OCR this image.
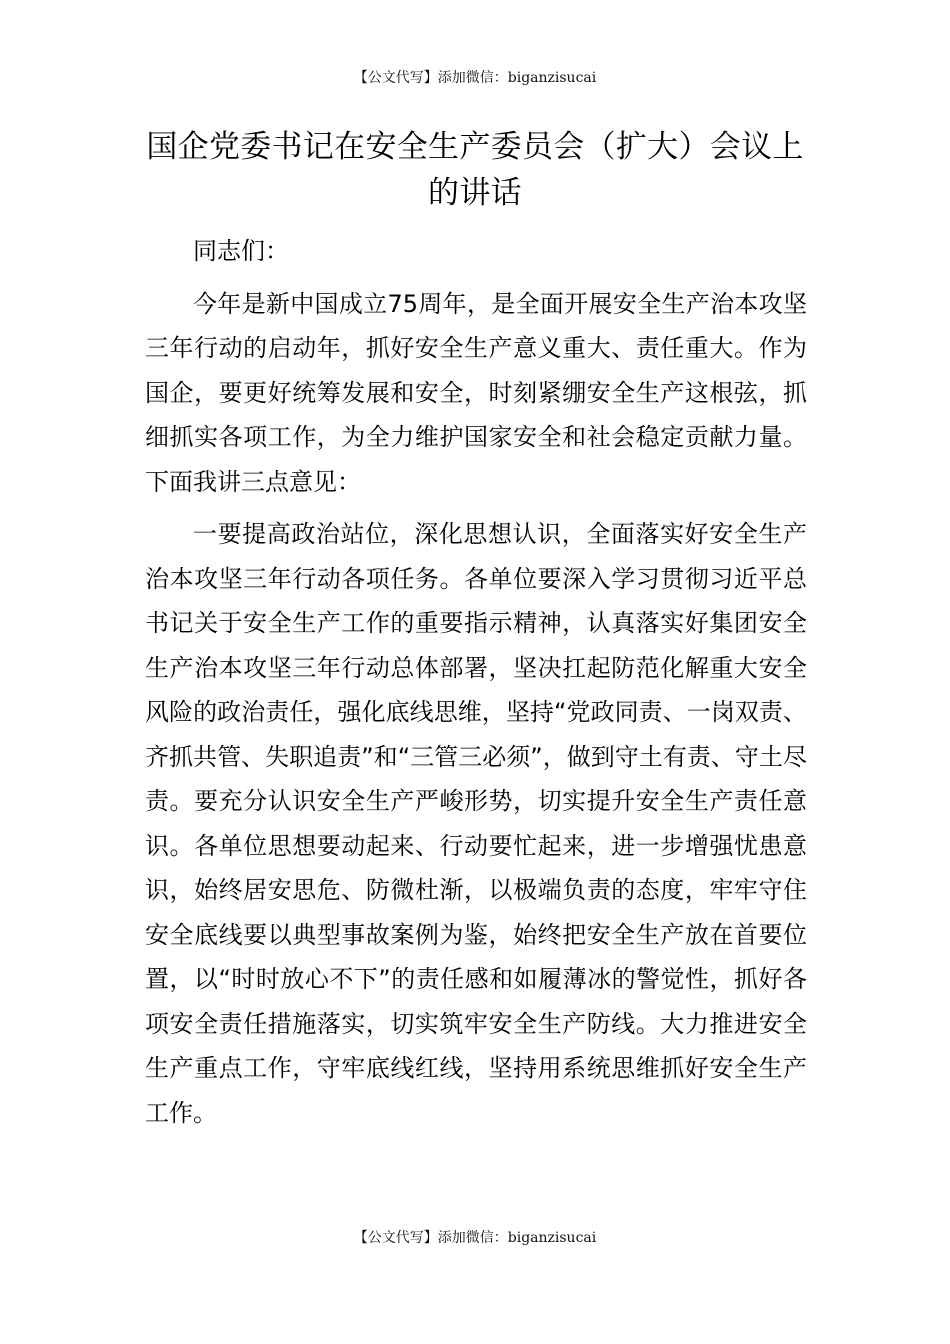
【公文代写】添加微信：biganzisucai
国企党委书记在安全生产委员会（扩大）会议上的讲话

同志们：

今年是新中国成立75周年，是全面开展安全生产治本攻坚三年行动的启动年，抓好安全生产意义重大、责任重大。作为国企，要更好统筹发展和安全，时刻紧绷安全生产这根弦，抓细抓实各项工作，为全力维护国家安全和社会稳定贡献力量。下面我讲三点意见：

一要提高政治站位，深化思想认识，全面落实好安全生产治本攻坚三年行动各项任务。各单位要深入学习贯彻习近平总书记关于安全生产工作的重要指示精神，认真落实好集团安全生产治本攻坚三年行动总体部署，坚决扛起防范化解重大安全风险的政治责任，强化底线思维，坚持“党政同责、一岗双责、齐抓共管、失职追责”和“三管三必须”，做到守土有责、守土尽责。要充分认识安全生产严峻形势，切实提升安全生产责任意识。各单位思想要动起来、行动要忙起来，进一步增强忧患意识，始终居安思危、防微杜渐，以极端负责的态度，牢牢守住安全底线要以典型事故案例为鉴，始终把安全生产放在首要位置，以“时时放心不下”的责任感和如履薄冰的警觉性，抓好各项安全责任措施落实，切实筑牢安全生产防线。大力推进安全生产重点工作，守牢底线红线，坚持用系统思维抓好安全生产工作。

【公文代写】添加微信：biganzisucai
